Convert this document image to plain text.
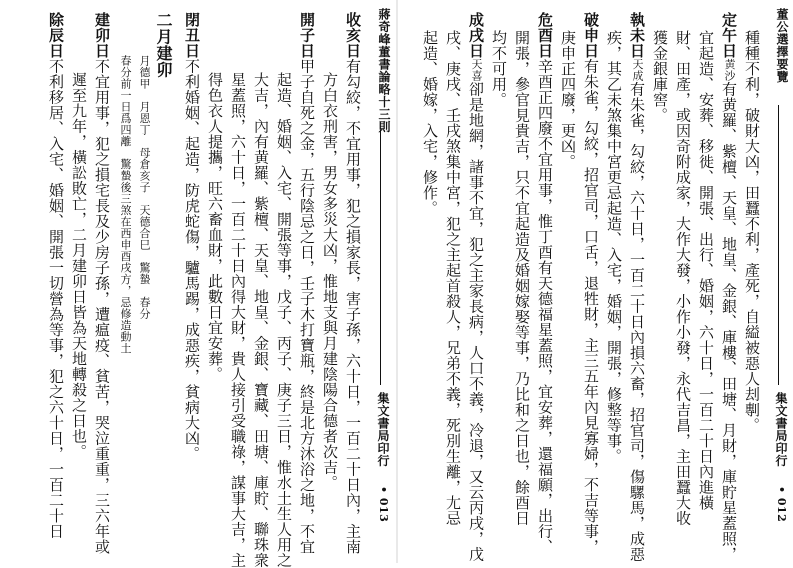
蔣奇峰董書論略十三則
集文書局印行
• 013
收亥日有勾絞，不宜用事，犯之損家長，害子孫，六十日，一百二十日內，主南
方白衣刑害，男女多災大凶，惟地支與月建陰陽合德者次吉。
開子日甲子自死之金，五行陰忌之日，壬子木打寶瓶，終是北方沐浴之地，不宜
起造、婚姻、入宅、開張等事，戊子、丙子、庚子三日，惟水土生人用之
大吉，內有黄羅、紫檀、天皇、地皇、金銀、寶藏、田塘、庫貯、聯珠衆
星蓋照，六十日，一百二十日內得大財，貴人接引受職祿，謀事大吉，主
得色衣人提攜，旺六畜血財，此數日宜安葬。
閉丑日不利婚姻、起造，防虎蛇傷，驢馬踢，成惡疾，貧病大凶。
二月建卯
月德甲　月恩丁　母倉亥子　天德合巳　驚蟄　春分
春分前一日爲四離　驚蟄後三煞在西申酉戌方，忌修造動土
建卯日不宜用事，犯之損宅長及少房子孫，遭瘟疫、貧苦，哭泣重重，三六年或
遲至九年，橫訟敗亡，二月建卯日皆為天地轉殺之日也。
除辰日不利移居、入宅、婚姻、開張一切營為等事，犯之六十日，一百二十日
董公選擇要覽
集文書局印行
• 012
種種不利，破財大凶，田蠶不利，產死，自縊被惡人刦剸。
定午日黄沙有黄羅、紫檀、天皇、地皇、金銀、庫樓、田塘、月財，庫貯星蓋照，
宜起造、安葬、移徙、開張、出行、婚姻，六十日，一百二十日內進橫
財、田產，或因奇附成家，大作大發，小作小發，永代吉昌，主田蠶大收
獲金銀庫窖。
執未日天成有朱雀，勾絞，六十日，一百二十日內損六畜，招官司，傷騾馬，成惡
疾，其乙未煞集中宮更忌起造、入宅，婚姻，開張，修整等事。
破申日有朱雀，勾絞，招官司，口舌，退牲財，主三五年內見寡婦，不吉等事，
庚申正四廢，更凶。
危酉日辛酉正四廢不宜用事，惟丁酉有天德福星蓋照，宜安葬，還福願，出行、
開張，參官見貴吉，只不宜起造及婚姻嫁娶等事，乃比和之日也，餘酉日
均不可用。
成戌日天喜卻是地網，諸事不宜，犯之主家長病，人口不義，冷退，又云丙戌，戊
戌、庚戌、壬戌煞集中宮，犯之主起首殺人，兄弟不義，死別生離，尢忌
起造、婚嫁，入宅，修作。
